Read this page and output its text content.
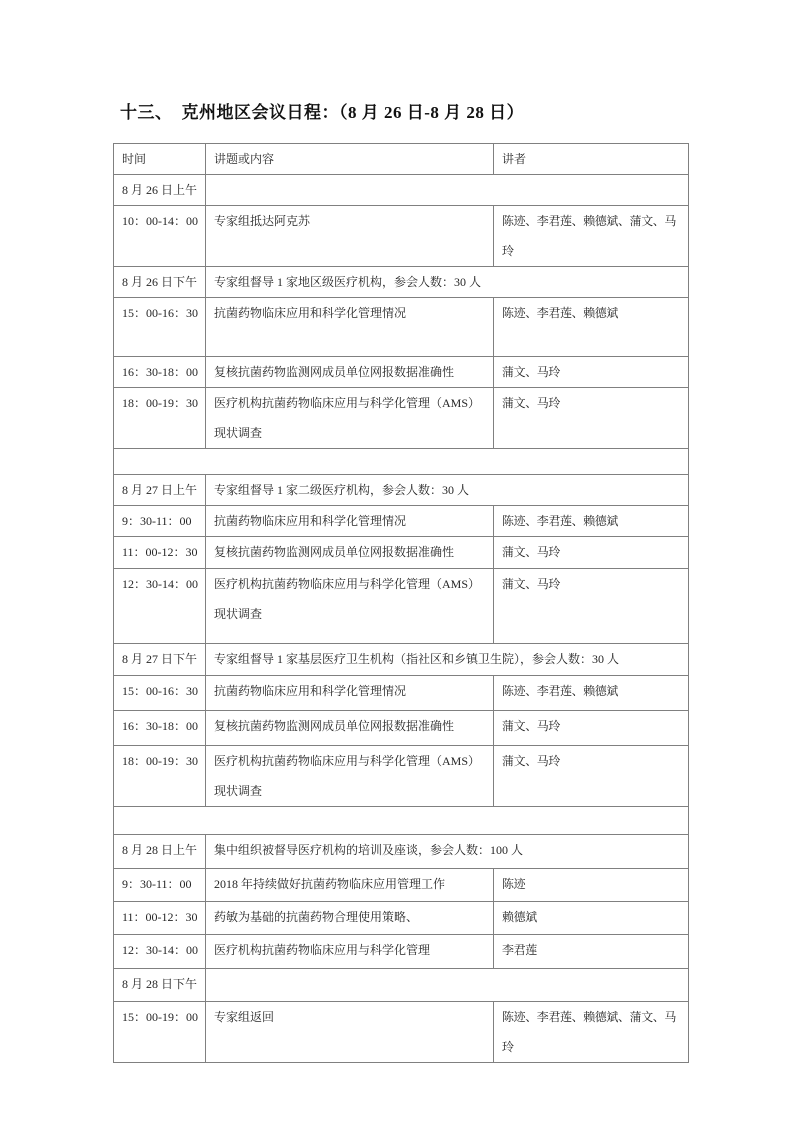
十三、　克州地区会议日程：（8 月 26 日-8 月 28 日）
时间	讲题或内容	讲者
8 月 26 日上午		
10：00-14：00	专家组抵达阿克苏	陈迹、李君莲、赖德斌、蒲文、马玲
8 月 26 日下午	专家组督导 1 家地区级医疗机构，参会人数：30 人	
15：00-16：30	抗菌药物临床应用和科学化管理情况	陈迹、李君莲、赖德斌
16：30-18：00	复核抗菌药物监测网成员单位网报数据准确性	蒲文、马玲
18：00-19：30	医疗机构抗菌药物临床应用与科学化管理（AMS）现状调查	蒲文、马玲

8 月 27 日上午	专家组督导 1 家二级医疗机构，参会人数：30 人	
9：30-11：00	抗菌药物临床应用和科学化管理情况	陈迹、李君莲、赖德斌
11：00-12：30	复核抗菌药物监测网成员单位网报数据准确性	蒲文、马玲
12：30-14：00	医疗机构抗菌药物临床应用与科学化管理（AMS）现状调查	蒲文、马玲
8 月 27 日下午	专家组督导 1 家基层医疗卫生机构（指社区和乡镇卫生院），参会人数：30 人	
15：00-16：30	抗菌药物临床应用和科学化管理情况	陈迹、李君莲、赖德斌
16：30-18：00	复核抗菌药物监测网成员单位网报数据准确性	蒲文、马玲
18：00-19：30	医疗机构抗菌药物临床应用与科学化管理（AMS）现状调查	蒲文、马玲

8 月 28 日上午	集中组织被督导医疗机构的培训及座谈，参会人数：100 人	
9：30-11：00	2018 年持续做好抗菌药物临床应用管理工作	陈迹
11：00-12：30	药敏为基础的抗菌药物合理使用策略、	赖德斌
12：30-14：00	医疗机构抗菌药物临床应用与科学化管理	李君莲
8 月 28 日下午		
15：00-19：00	专家组返回	陈迹、李君莲、赖德斌、蒲文、马玲
